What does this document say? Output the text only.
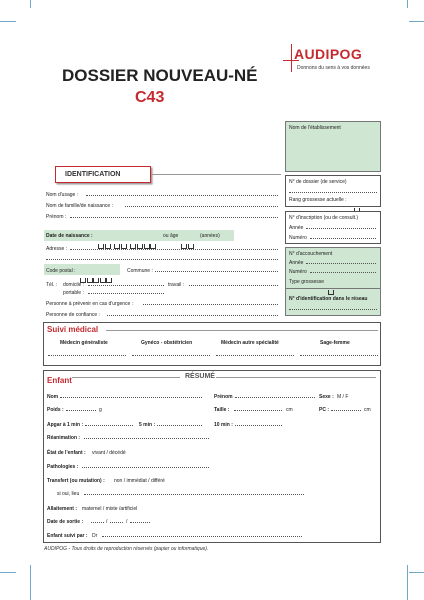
DOSSIER NOUVEAU-NÉ
C43
AUDIPOG
Donnons du sens à vos données
Nom de l'établissement
IDENTIFICATION
Nom d'usage :
Nom de famille/de naissance :
Prénom :
Date de naissance :	ou âge	(années)
Adresse :
Code postal :	Commune :
Tél. : domicile :	travail :
portable :
Personne à prévenir en cas d'urgence :
Personne de confiance :
N° de dossier (de service)
Rang grossesse actuelle :
N° d'inscription (ou de consult.)
Année
Numéro
N° d'accouchement
Année
Numéro
Type grossesse
N° d'identification dans le réseau
Suivi médical
Médecin généraliste	Gynéco - obstétricien	Médecin autre spécialité	Sage-femme
Enfant	RÉSUMÉ
Nom	Prénom	Sexe : M / F
Poids :	g	Taille :	cm	PC :	cm
Apgar à 1 min :	5 min :	10 min :
Réanimation :
État de l'enfant : vivant / décédé
Pathologies :
Transfert (ou mutation) : non / immédiat / différé
si oui, lieu
Allaitement : maternel / mixte /artificiel
Date de sortie :	/	/
Enfant suivi par : Dr
AUDIPOG - Tous droits de reproduction réservés (papier ou informatique).
